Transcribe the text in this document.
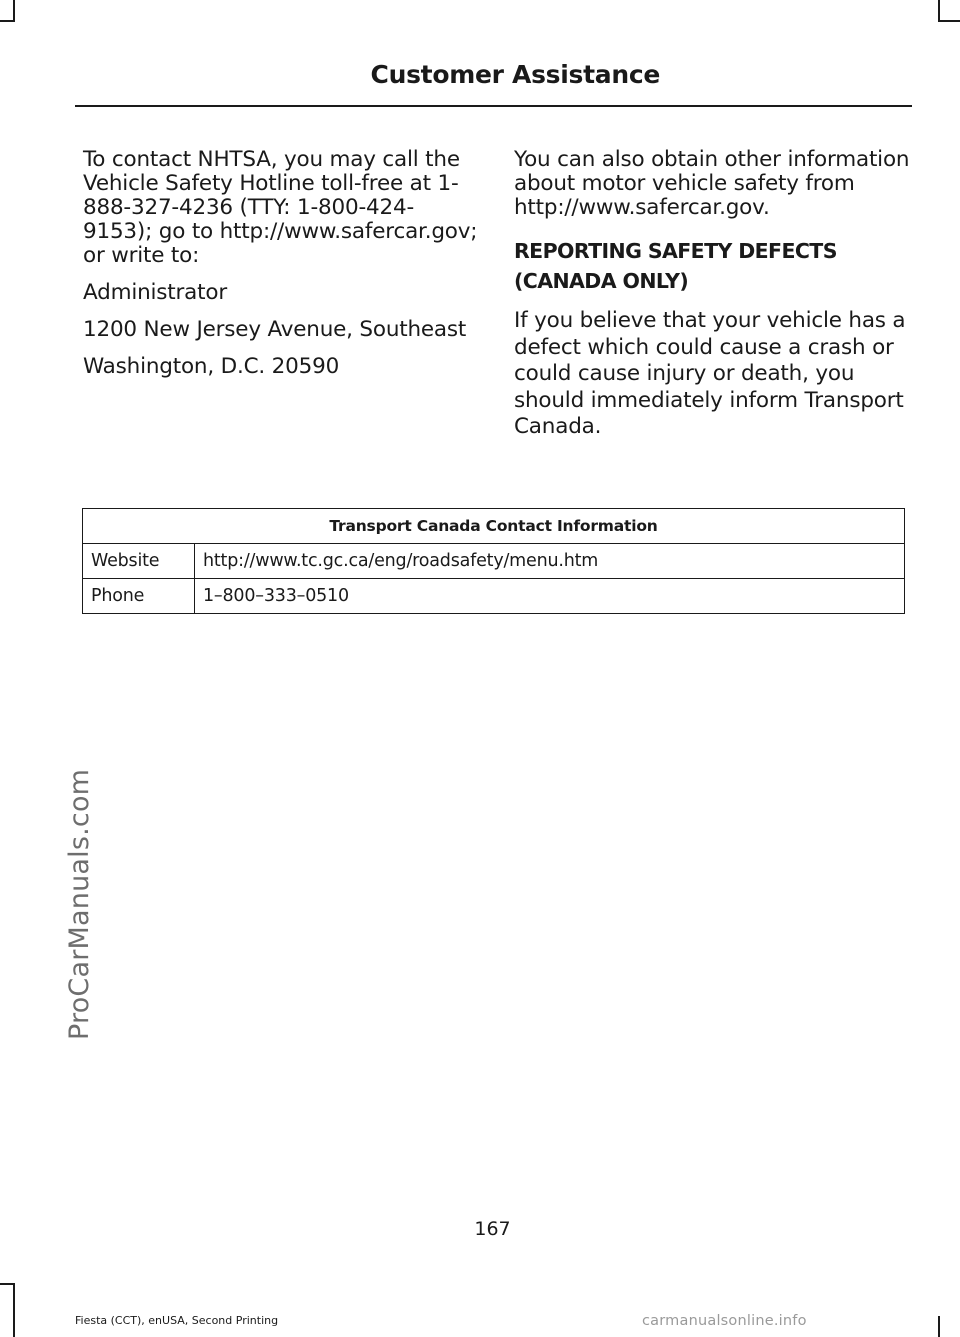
ProCarManuals.com
Customer Assistance

To contact NHTSA, you may call the Vehicle Safety Hotline toll-free at 1-888-327-4236 (TTY: 1-800-424-9153); go to http://www.safercar.gov; or write to:

Administrator

1200 New Jersey Avenue, Southeast

Washington, D.C. 20590

You can also obtain other information about motor vehicle safety from http://www.safercar.gov.

REPORTING SAFETY DEFECTS
(CANADA ONLY)

If you believe that your vehicle has a defect which could cause a crash or could cause injury or death, you should immediately inform Transport Canada.

Transport Canada Contact Information	
Website	http://www.tc.gc.ca/eng/roadsafety/menu.htm
Phone	1–800–333–0510

167

Fiesta (CCT), enUSA, Second Printing	carmanualsonline.info
